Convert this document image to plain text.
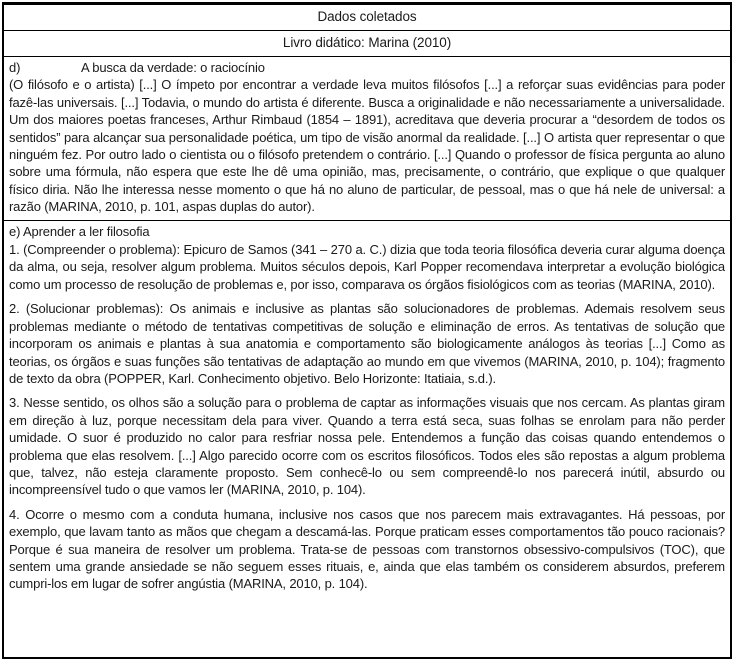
Dados coletados
Livro didático: Marina (2010)
d)	A busca da verdade: o raciocínio
(O filósofo e o artista) [...] O ímpeto por encontrar a verdade leva muitos filósofos [...] a reforçar suas evidências para poder fazê-las universais. [...] Todavia, o mundo do artista é diferente. Busca a originalidade e não necessariamente a universalidade. Um dos maiores poetas franceses, Arthur Rimbaud (1854 – 1891), acreditava que deveria procurar a “desordem de todos os sentidos” para alcançar sua personalidade poética, um tipo de visão anormal da realidade. [...] O artista quer representar o que ninguém fez. Por outro lado o cientista ou o filósofo pretendem o contrário. [...] Quando o professor de física pergunta ao aluno sobre uma fórmula, não espera que este lhe dê uma opinião, mas, precisamente, o contrário, que explique o que qualquer físico diria. Não lhe interessa nesse momento o que há no aluno de particular, de pessoal, mas o que há nele de universal: a razão (MARINA, 2010, p. 101, aspas duplas do autor).
e) Aprender a ler filosofia

1. (Compreender o problema): Epicuro de Samos (341 – 270 a. C.) dizia que toda teoria filosófica deveria curar alguma doença da alma, ou seja, resolver algum problema. Muitos séculos depois, Karl Popper recomendava interpretar a evolução biológica como um processo de resolução de problemas e, por isso, comparava os órgãos fisiológicos com as teorias (MARINA, 2010).

2. (Solucionar problemas): Os animais e inclusive as plantas são solucionadores de problemas. Ademais resolvem seus problemas mediante o método de tentativas competitivas de solução e eliminação de erros. As tentativas de solução que incorporam os animais e plantas à sua anatomia e comportamento são biologicamente análogos às teorias [...] Como as teorias, os órgãos e suas funções são tentativas de adaptação ao mundo em que vivemos (MARINA, 2010, p. 104); fragmento de texto da obra (POPPER, Karl. Conhecimento objetivo. Belo Horizonte: Itatiaia, s.d.).

3. Nesse sentido, os olhos são a solução para o problema de captar as informações visuais que nos cercam. As plantas giram em direção à luz, porque necessitam dela para viver. Quando a terra está seca, suas folhas se enrolam para não perder umidade. O suor é produzido no calor para resfriar nossa pele. Entendemos a função das coisas quando entendemos o problema que elas resolvem. [...] Algo parecido ocorre com os escritos filosóficos. Todos eles são repostas a algum problema que, talvez, não esteja claramente proposto. Sem conhecê-lo ou sem compreendê-lo nos parecerá inútil, absurdo ou incompreensível tudo o que vamos ler (MARINA, 2010, p. 104).

4. Ocorre o mesmo com a conduta humana, inclusive nos casos que nos parecem mais extravagantes. Há pessoas, por exemplo, que lavam tanto as mãos que chegam a descamá-las. Porque praticam esses comportamentos tão pouco racionais? Porque é sua maneira de resolver um problema. Trata-se de pessoas com transtornos obsessivo-compulsivos (TOC), que sentem uma grande ansiedade se não seguem esses rituais, e, ainda que elas também os considerem absurdos, preferem cumpri-los em lugar de sofrer angústia (MARINA, 2010, p. 104).
